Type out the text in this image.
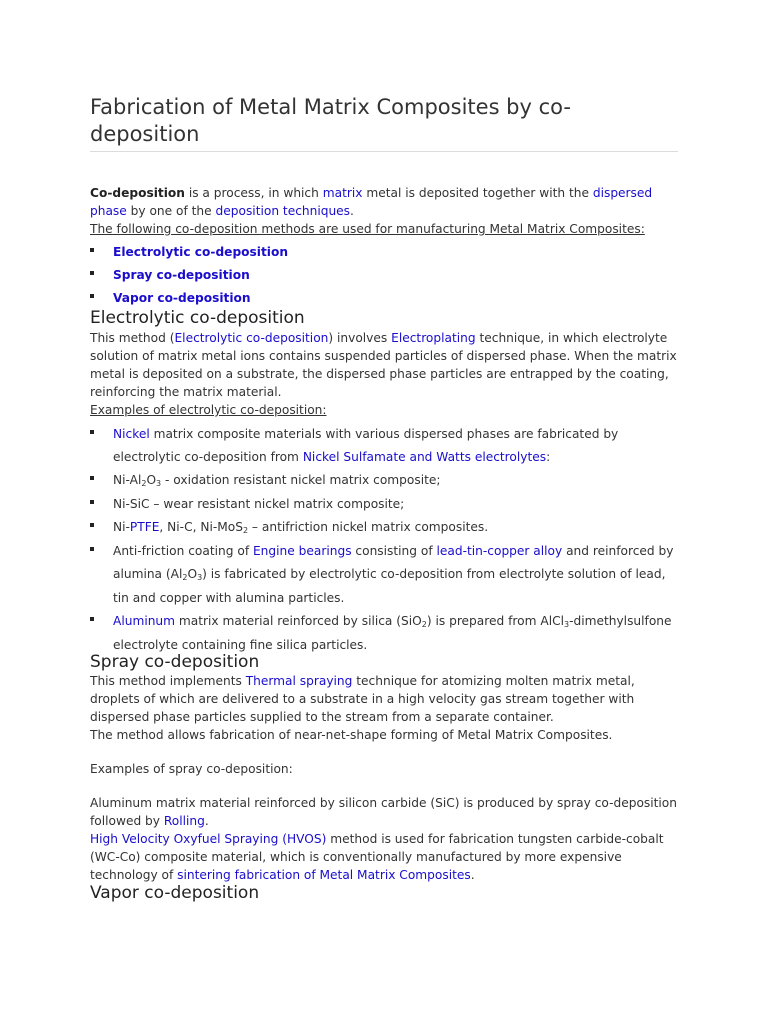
Fabrication of Metal Matrix Composites by co-deposition
Co-deposition is a process, in which matrix metal is deposited together with the dispersed phase by one of the deposition techniques.
The following co-deposition methods are used for manufacturing Metal Matrix Composites:
Electrolytic co-deposition
Spray co-deposition
Vapor co-deposition
Electrolytic co-deposition
This method (Electrolytic co-deposition) involves Electroplating technique, in which electrolyte solution of matrix metal ions contains suspended particles of dispersed phase. When the matrix metal is deposited on a substrate, the dispersed phase particles are entrapped by the coating, reinforcing the matrix material.
Examples of electrolytic co-deposition:
Nickel matrix composite materials with various dispersed phases are fabricated by electrolytic co-deposition from Nickel Sulfamate and Watts electrolytes:
$Ni-Al_2O_3$ - oxidation resistant nickel matrix composite;
Ni-SiC – wear resistant nickel matrix composite;
Ni-PTFE, Ni-C, Ni-MoS$_2$ – antifriction nickel matrix composites.
Anti-friction coating of Engine bearings consisting of lead-tin-copper alloy and reinforced by alumina $(Al_2O_3)$ is fabricated by electrolytic co-deposition from electrolyte solution of lead, tin and copper with alumina particles.
Aluminum matrix material reinforced by silica (SiO$_2$) is prepared from AlCl$_3$-dimethylsulfone electrolyte containing fine silica particles.
Spray co-deposition
This method implements Thermal spraying technique for atomizing molten matrix metal, droplets of which are delivered to a substrate in a high velocity gas stream together with dispersed phase particles supplied to the stream from a separate container.
The method allows fabrication of near-net-shape forming of Metal Matrix Composites.
Examples of spray co-deposition:
Aluminum matrix material reinforced by silicon carbide (SiC) is produced by spray co-deposition followed by Rolling.
High Velocity Oxyfuel Spraying (HVOS) method is used for fabrication tungsten carbide-cobalt (WC-Co) composite material, which is conventionally manufactured by more expensive technology of sintering fabrication of Metal Matrix Composites.
Vapor co-deposition
